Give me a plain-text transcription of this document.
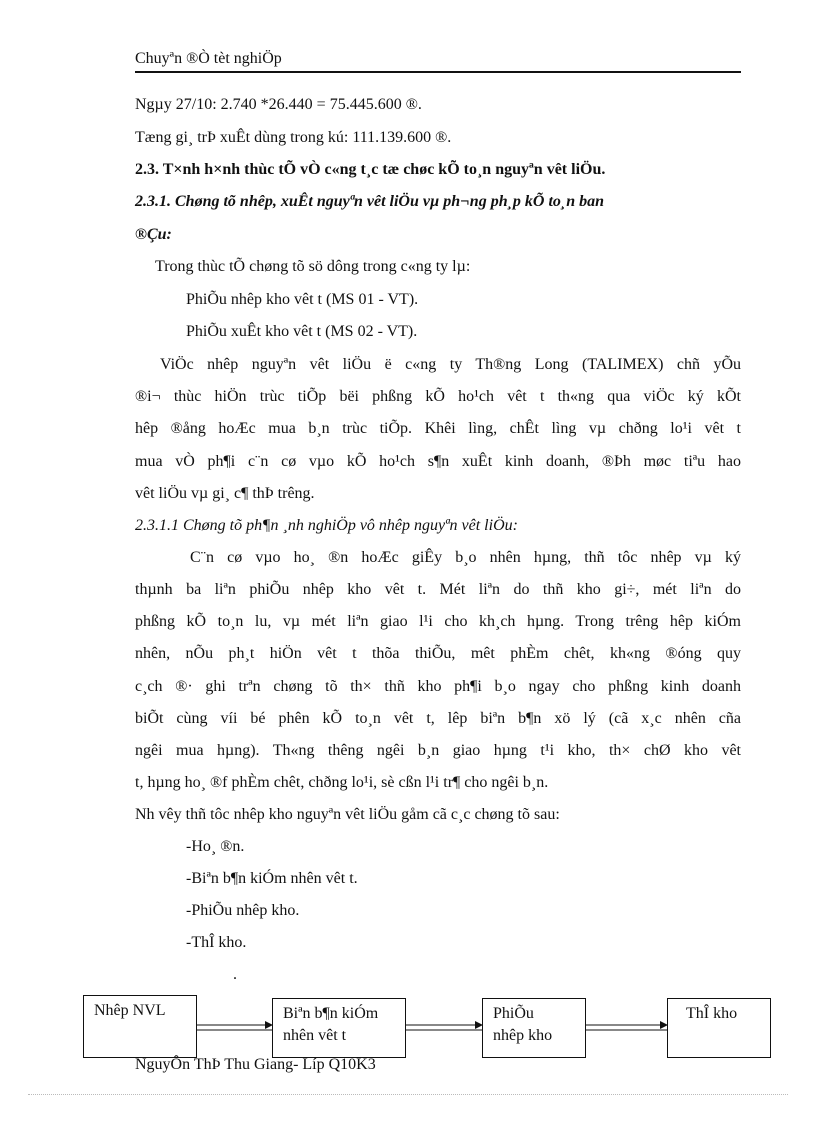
Chuyªn ®Ò tèt nghiÖp
Ngµy 27/10: 2.740 *26.440 = 75.445.600 ®.
Tæng gi¸ trÞ xuÊt dùng trong kú: 111.139.600 ®.
2.3. T×nh h×nh thùc tÕ vÒ c«ng t¸c tæ chøc kÕ to¸n nguyªn vêt liÖu.
2.3.1. Chøng tõ nhêp, xuÊt nguyªn vêt liÖu vµ ph¬ng ph¸p kÕ to¸n ban
®Çu:
Trong thùc tÕ chøng tõ sö dông trong c«ng ty lµ:
PhiÕu nhêp kho vêt t (MS 01 - VT).
PhiÕu xuÊt kho vêt t (MS 02 - VT).
ViÖc nhêp nguyªn vêt liÖu ë c«ng ty Th®ng Long (TALIMEX) chñ yÕu
®i¬ thùc hiÖn trùc tiÕp bëi phßng kÕ ho¹ch vêt t th«ng qua viÖc ký kÕt
hêp ®ång hoÆc mua b¸n trùc tiÕp. Khêi lìng, chÊt lìng vµ chðng lo¹i vêt t
mua vÒ ph¶i c¨n cø vµo kÕ ho¹ch s¶n xuÊt kinh doanh, ®Þh møc tiªu hao
vêt liÖu vµ gi¸ c¶ thÞ trêng.
2.3.1.1 Chøng tõ ph¶n ¸nh nghiÖp vô nhêp nguyªn vêt liÖu:
C¨n cø vµo ho¸ ®n hoÆc giÊy b¸o nhên hµng, thñ tôc nhêp vµ ký
thµnh ba liªn phiÕu nhêp kho vêt t. Mét liªn do thñ kho gi÷, mét liªn do
phßng kÕ to¸n lu, vµ mét liªn giao l¹i cho kh¸ch hµng. Trong trêng hêp kiÓm
nhên, nÕu ph¸t hiÖn vêt t thõa thiÕu, mêt phÈm chêt, kh«ng ®óng quy
c¸ch ®· ghi trªn chøng tõ th× thñ kho ph¶i b¸o ngay cho phßng kinh doanh
biÕt cùng víi bé phên kÕ to¸n vêt t, lêp biªn b¶n xö lý (cã x¸c nhên cña
ngêi mua hµng). Th«ng thêng ngêi b¸n giao hµng t¹i kho, th× chØ kho vêt
t, hµng ho¸ ®f phÈm chêt, chðng lo¹i, sè cßn l¹i tr¶ cho ngêi b¸n.
Nh vêy thñ tôc nhêp kho nguyªn vêt liÖu gåm cã c¸c chøng tõ sau:
-Ho¸ ®n.
-Biªn b¶n kiÓm nhên vêt t.
-PhiÕu nhêp kho.
-ThÎ kho.
.
Nhêp NVL	Biªn b¶n kiÓm
nhên vêt t
PhiÕu
nhêp kho
ThÎ kho
NguyÔn ThÞ Thu Giang- Líp Q10K3
